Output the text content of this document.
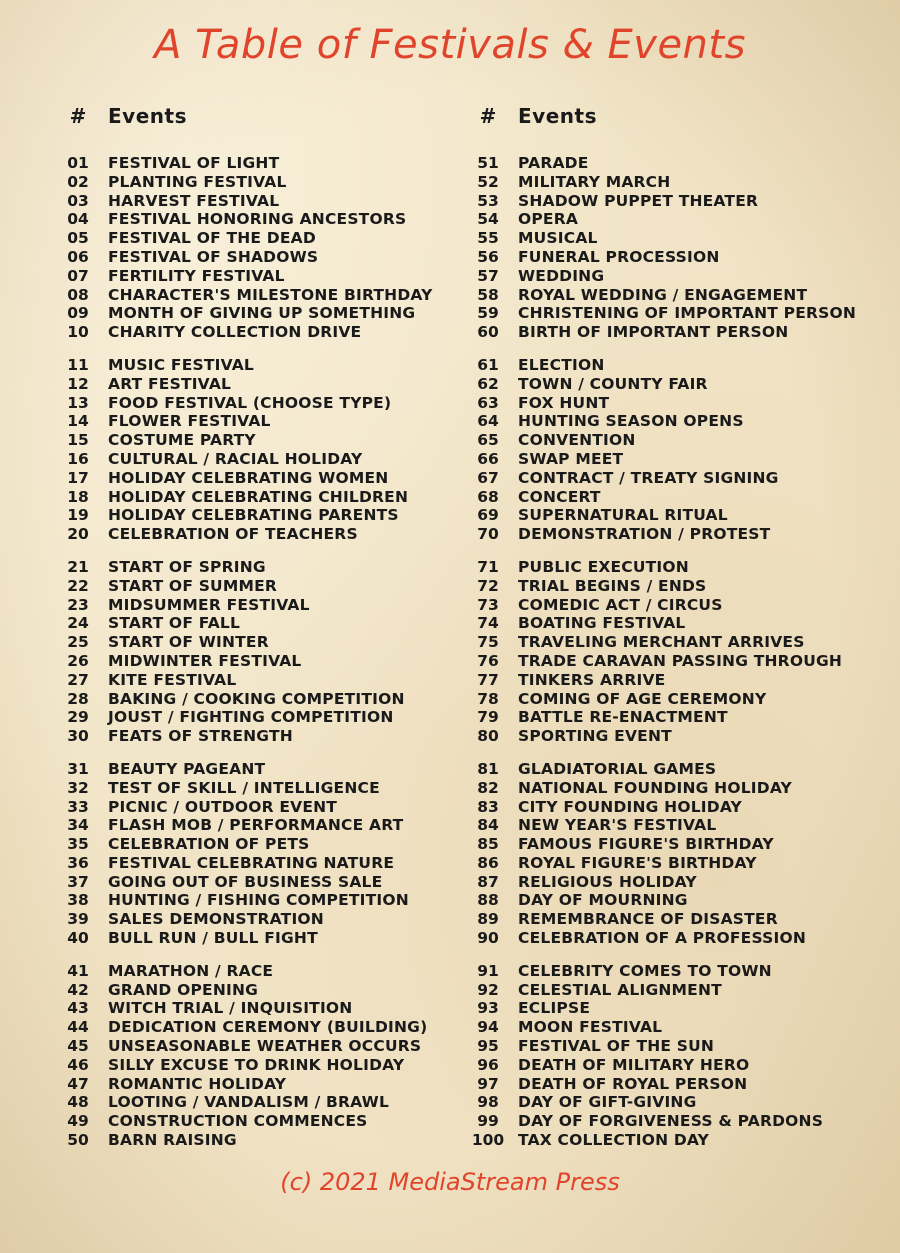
A Table of Festivals & Events
#	Events
01	FESTIVAL OF LIGHT
02	PLANTING FESTIVAL
03	HARVEST FESTIVAL
04	FESTIVAL HONORING ANCESTORS
05	FESTIVAL OF THE DEAD
06	FESTIVAL OF SHADOWS
07	FERTILITY FESTIVAL
08	CHARACTER'S MILESTONE BIRTHDAY
09	MONTH OF GIVING UP SOMETHING
10	CHARITY COLLECTION DRIVE
11	MUSIC FESTIVAL
12	ART FESTIVAL
13	FOOD FESTIVAL (CHOOSE TYPE)
14	FLOWER FESTIVAL
15	COSTUME PARTY
16	CULTURAL / RACIAL HOLIDAY
17	HOLIDAY CELEBRATING WOMEN
18	HOLIDAY CELEBRATING CHILDREN
19	HOLIDAY CELEBRATING PARENTS
20	CELEBRATION OF TEACHERS
21	START OF SPRING
22	START OF SUMMER
23	MIDSUMMER FESTIVAL
24	START OF FALL
25	START OF WINTER
26	MIDWINTER FESTIVAL
27	KITE FESTIVAL
28	BAKING / COOKING COMPETITION
29	JOUST / FIGHTING COMPETITION
30	FEATS OF STRENGTH
31	BEAUTY PAGEANT
32	TEST OF SKILL / INTELLIGENCE
33	PICNIC / OUTDOOR EVENT
34	FLASH MOB / PERFORMANCE ART
35	CELEBRATION OF PETS
36	FESTIVAL CELEBRATING NATURE
37	GOING OUT OF BUSINESS SALE
38	HUNTING / FISHING COMPETITION
39	SALES DEMONSTRATION
40	BULL RUN / BULL FIGHT
41	MARATHON / RACE
42	GRAND OPENING
43	WITCH TRIAL / INQUISITION
44	DEDICATION CEREMONY (BUILDING)
45	UNSEASONABLE WEATHER OCCURS
46	SILLY EXCUSE TO DRINK HOLIDAY
47	ROMANTIC HOLIDAY
48	LOOTING / VANDALISM / BRAWL
49	CONSTRUCTION COMMENCES
50	BARN RAISING
#	Events
51	PARADE
52	MILITARY MARCH
53	SHADOW PUPPET THEATER
54	OPERA
55	MUSICAL
56	FUNERAL PROCESSION
57	WEDDING
58	ROYAL WEDDING / ENGAGEMENT
59	CHRISTENING OF IMPORTANT PERSON
60	BIRTH OF IMPORTANT PERSON
61	ELECTION
62	TOWN / COUNTY FAIR
63	FOX HUNT
64	HUNTING SEASON OPENS
65	CONVENTION
66	SWAP MEET
67	CONTRACT / TREATY SIGNING
68	CONCERT
69	SUPERNATURAL RITUAL
70	DEMONSTRATION / PROTEST
71	PUBLIC EXECUTION
72	TRIAL BEGINS / ENDS
73	COMEDIC ACT / CIRCUS
74	BOATING FESTIVAL
75	TRAVELING MERCHANT ARRIVES
76	TRADE CARAVAN PASSING THROUGH
77	TINKERS ARRIVE
78	COMING OF AGE CEREMONY
79	BATTLE RE-ENACTMENT
80	SPORTING EVENT
81	GLADIATORIAL GAMES
82	NATIONAL FOUNDING HOLIDAY
83	CITY FOUNDING HOLIDAY
84	NEW YEAR'S FESTIVAL
85	FAMOUS FIGURE'S BIRTHDAY
86	ROYAL FIGURE'S BIRTHDAY
87	RELIGIOUS HOLIDAY
88	DAY OF MOURNING
89	REMEMBRANCE OF DISASTER
90	CELEBRATION OF A PROFESSION
91	CELEBRITY COMES TO TOWN
92	CELESTIAL ALIGNMENT
93	ECLIPSE
94	MOON FESTIVAL
95	FESTIVAL OF THE SUN
96	DEATH OF MILITARY HERO
97	DEATH OF ROYAL PERSON
98	DAY OF GIFT-GIVING
99	DAY OF FORGIVENESS & PARDONS
100 TAX COLLECTION DAY
(c) 2021 MediaStream Press
